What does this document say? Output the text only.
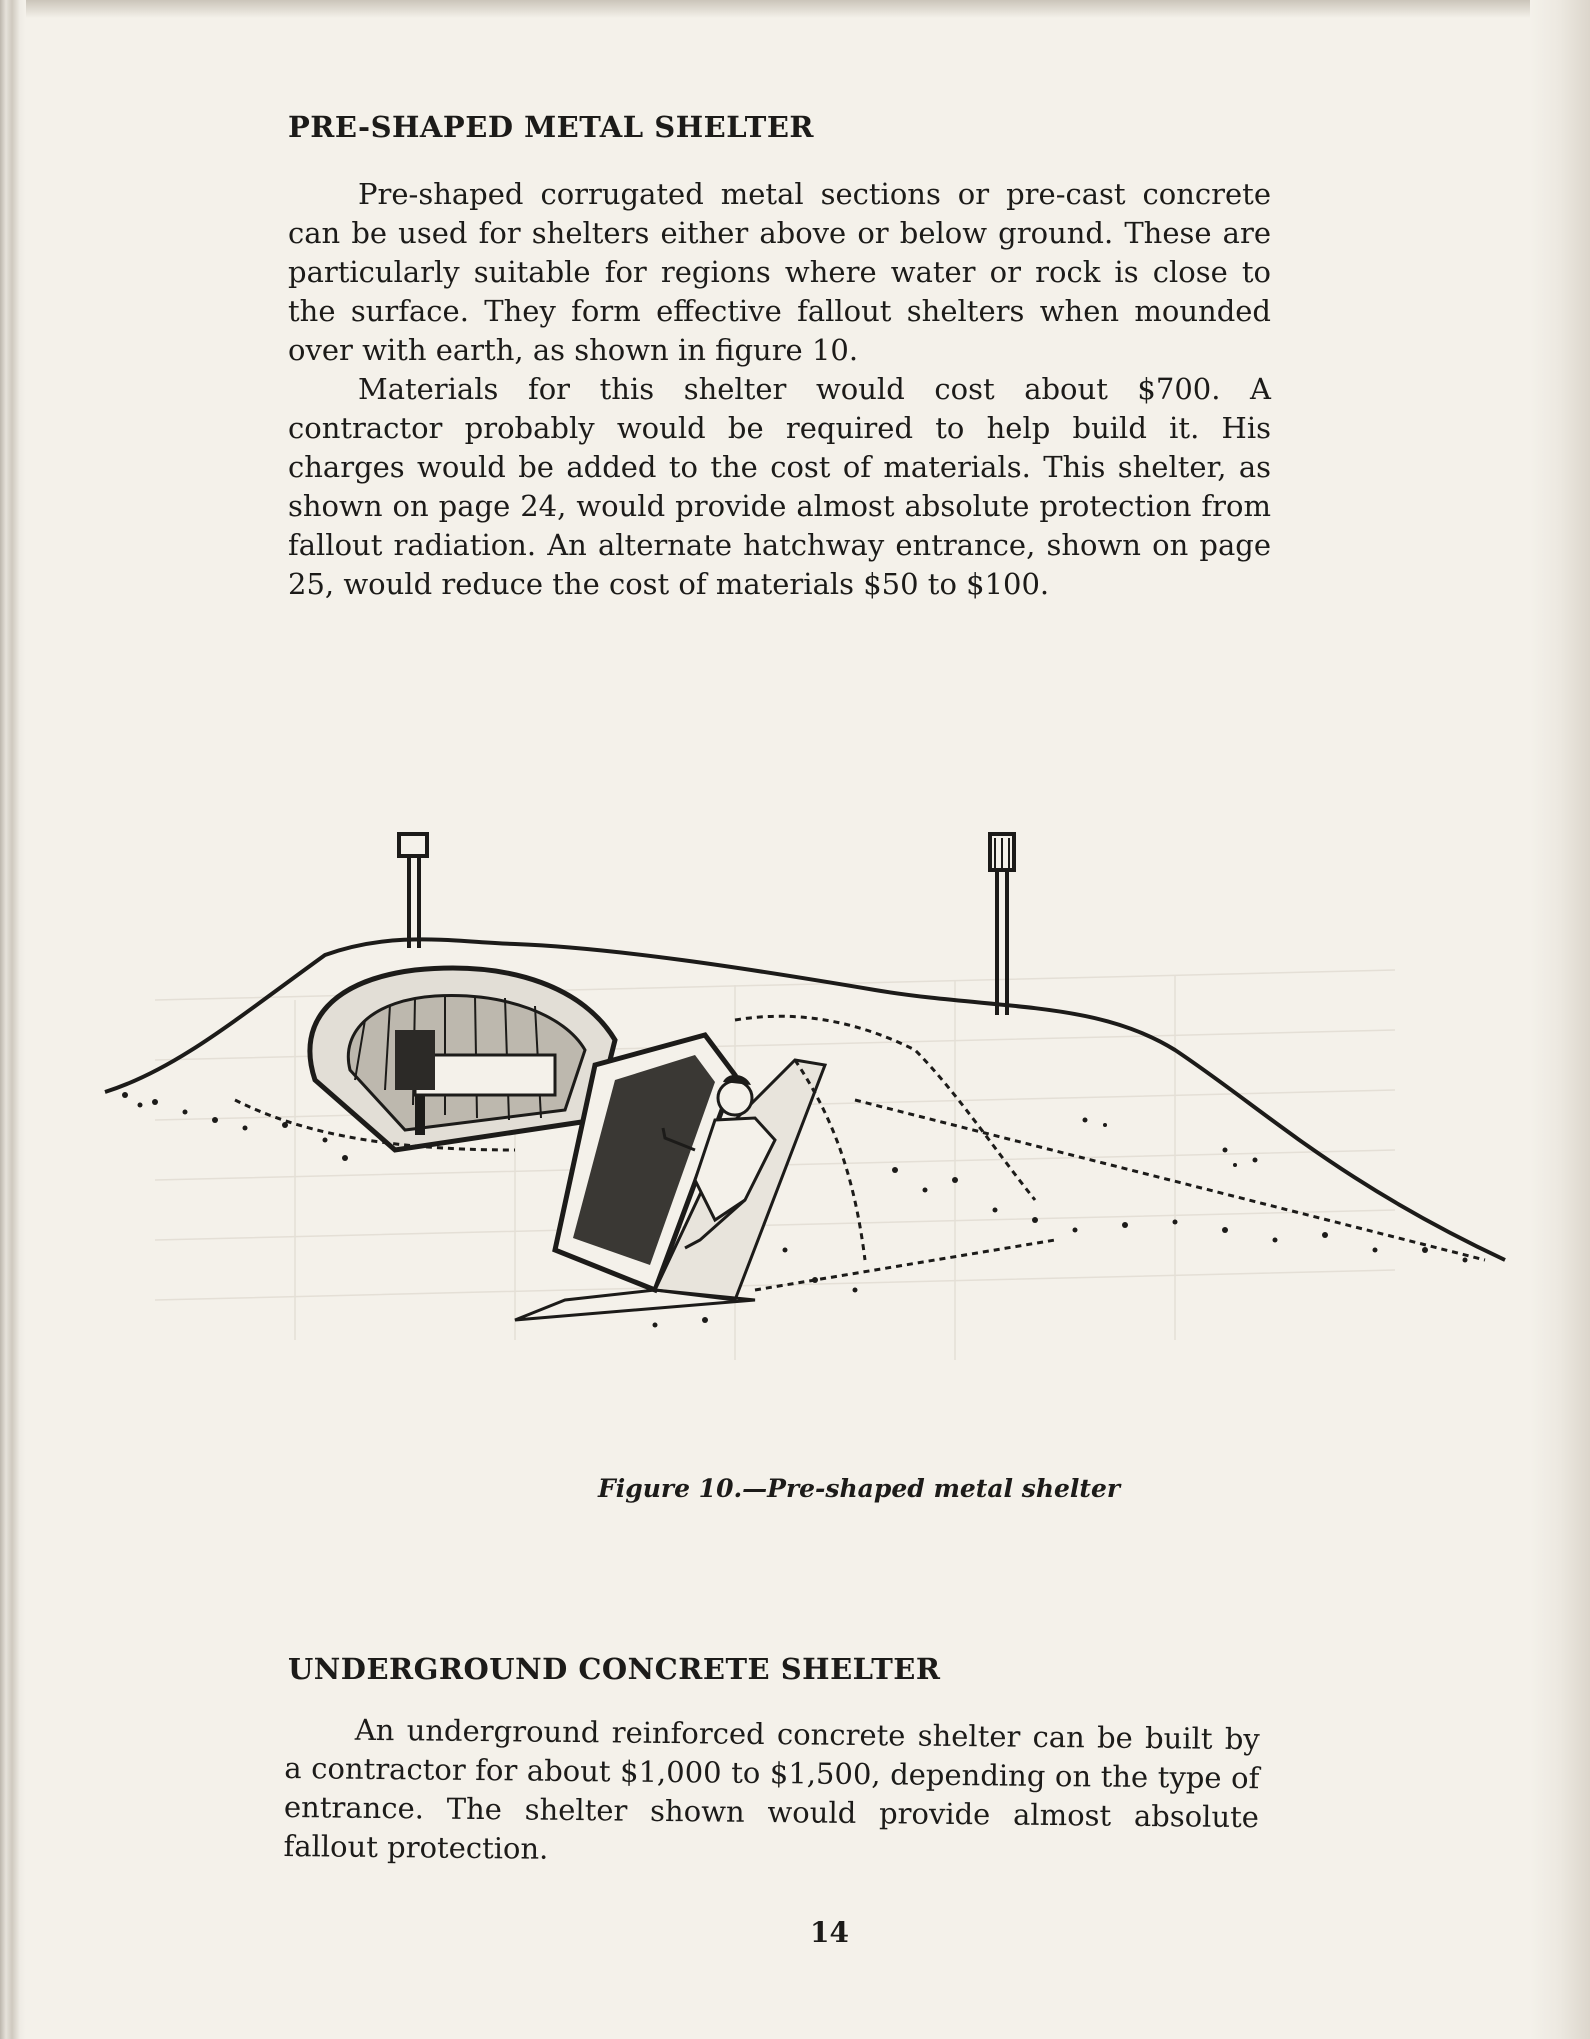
PRE-SHAPED METAL SHELTER

Pre-shaped corrugated metal sections or pre-cast concrete can be used for shelters either above or below ground. These are particularly suitable for regions where water or rock is close to the surface. They form effective fallout shelters when mounded over with earth, as shown in figure 10.

Materials for this shelter would cost about $700. A contractor probably would be required to help build it. His charges would be added to the cost of materials. This shelter, as shown on page 24, would provide almost absolute protection from fallout radiation. An alternate hatchway entrance, shown on page 25, would reduce the cost of materials $50 to $100.

Figure 10.—Pre-shaped metal shelter
UNDERGROUND CONCRETE SHELTER

An underground reinforced concrete shelter can be built by a contractor for about $1,000 to $1,500, depending on the type of entrance. The shelter shown would provide almost absolute fallout protection.

14
